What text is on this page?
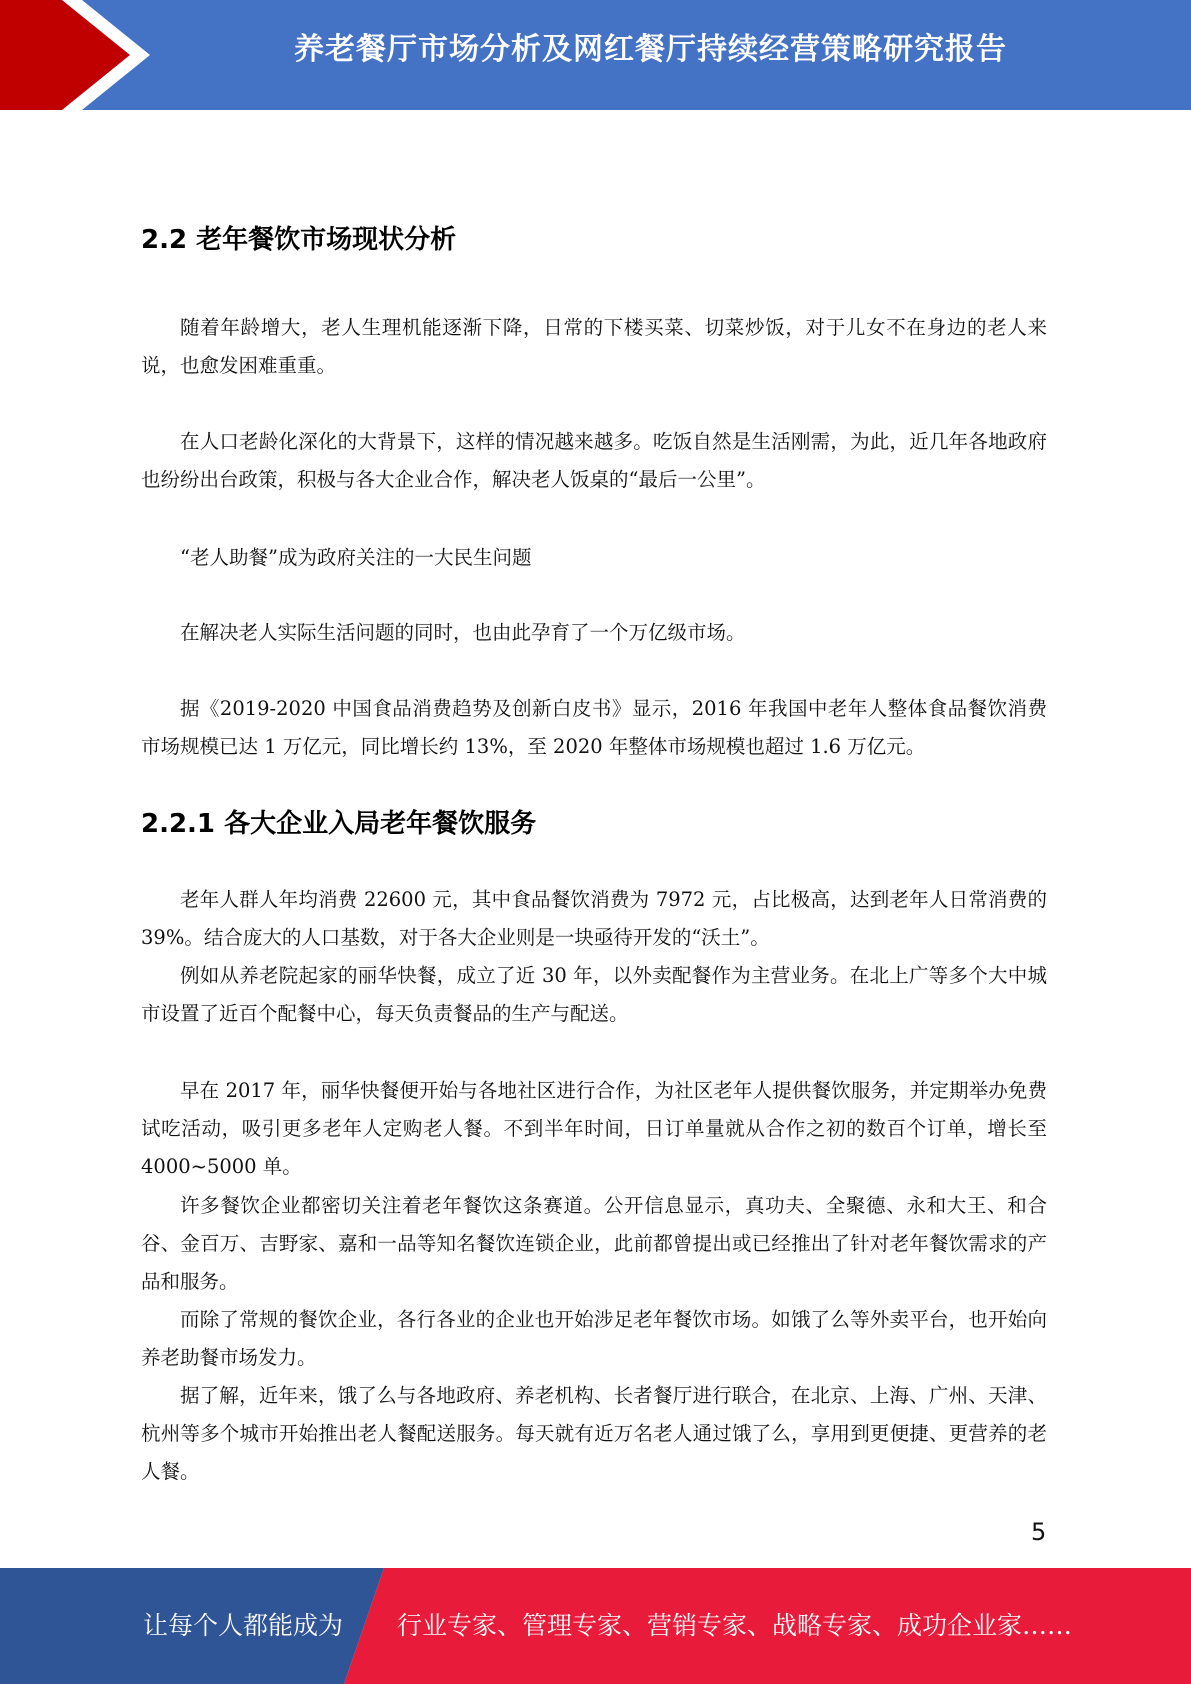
养老餐厅市场分析及网红餐厅持续经营策略研究报告
2.2 老年餐饮市场现状分析

随着年龄增大，老人生理机能逐渐下降，日常的下楼买菜、切菜炒饭，对于儿女不在身边的老人来说，也愈发困难重重。

在人口老龄化深化的大背景下，这样的情况越来越多。吃饭自然是生活刚需，为此，近几年各地政府也纷纷出台政策，积极与各大企业合作，解决老人饭桌的“最后一公里”。

“老人助餐”成为政府关注的一大民生问题

在解决老人实际生活问题的同时，也由此孕育了一个万亿级市场。

据《2019-2020 中国食品消费趋势及创新白皮书》显示，2016 年我国中老年人整体食品餐饮消费市场规模已达 1 万亿元，同比增长约 13%，至 2020 年整体市场规模也超过 1.6 万亿元。

2.2.1 各大企业入局老年餐饮服务

老年人群人年均消费 22600 元，其中食品餐饮消费为 7972 元，占比极高，达到老年人日常消费的 39%。结合庞大的人口基数，对于各大企业则是一块亟待开发的“沃土”。

例如从养老院起家的丽华快餐，成立了近 30 年，以外卖配餐作为主营业务。在北上广等多个大中城市设置了近百个配餐中心，每天负责餐品的生产与配送。

早在 2017 年，丽华快餐便开始与各地社区进行合作，为社区老年人提供餐饮服务，并定期举办免费试吃活动，吸引更多老年人定购老人餐。不到半年时间，日订单量就从合作之初的数百个订单，增长至 4000~5000 单。

许多餐饮企业都密切关注着老年餐饮这条赛道。公开信息显示，真功夫、全聚德、永和大王、和合谷、金百万、吉野家、嘉和一品等知名餐饮连锁企业，此前都曾提出或已经推出了针对老年餐饮需求的产品和服务。

而除了常规的餐饮企业，各行各业的企业也开始涉足老年餐饮市场。如饿了么等外卖平台，也开始向养老助餐市场发力。

据了解，近年来，饿了么与各地政府、养老机构、长者餐厅进行联合，在北京、上海、广州、天津、杭州等多个城市开始推出老人餐配送服务。每天就有近万名老人通过饿了么，享用到更便捷、更营养的老人餐。

5
让每个人都能成为 行业专家、管理专家、营销专家、战略专家、成功企业家……
